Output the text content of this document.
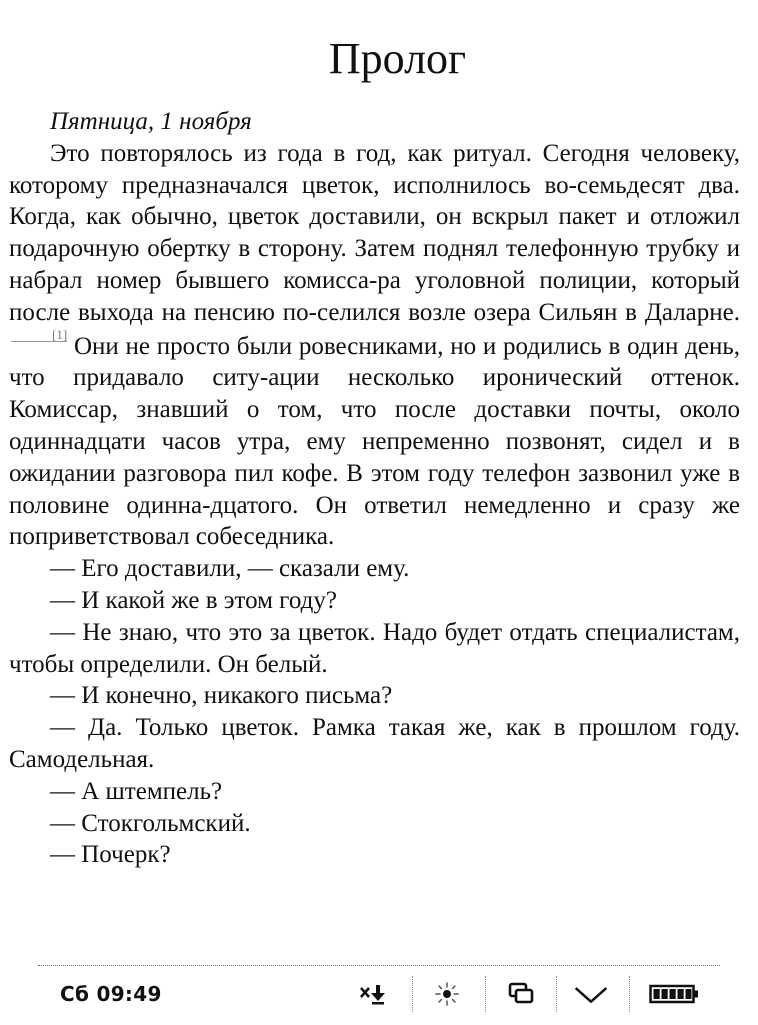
Пролог

Пятница, 1 ноября

Это повторялось из года в год, как ритуал. Сегодня человеку, которому предназначался цветок, исполнилось во-семьдесят два. Когда, как обычно, цветок доставили, он вскрыл пакет и отложил подарочную обертку в сторону. Затем поднял телефонную трубку и набрал номер бывшего комисса-ра уголовной полиции, который после выхода на пенсию по-селился возле озера Сильян в Даларне.[1] Они не просто были ровесниками, но и родились в один день, что придавало ситу-ации несколько иронический оттенок. Комиссар, знавший о том, что после доставки почты, около одиннадцати часов утра, ему непременно позвонят, сидел и в ожидании разговора пил кофе. В этом году телефон зазвонил уже в половине одинна-дцатого. Он ответил немедленно и сразу же поприветствовал собеседника.

— Его доставили, — сказали ему.

— И какой же в этом году?

— Не знаю, что это за цветок. Надо будет отдать специалистам, чтобы определили. Он белый.

— И конечно, никакого письма?

— Да. Только цветок. Рамка такая же, как в прошлом году. Самодельная.

— А штемпель?

— Стокгольмский.

— Почерк?

Сб 09:49
